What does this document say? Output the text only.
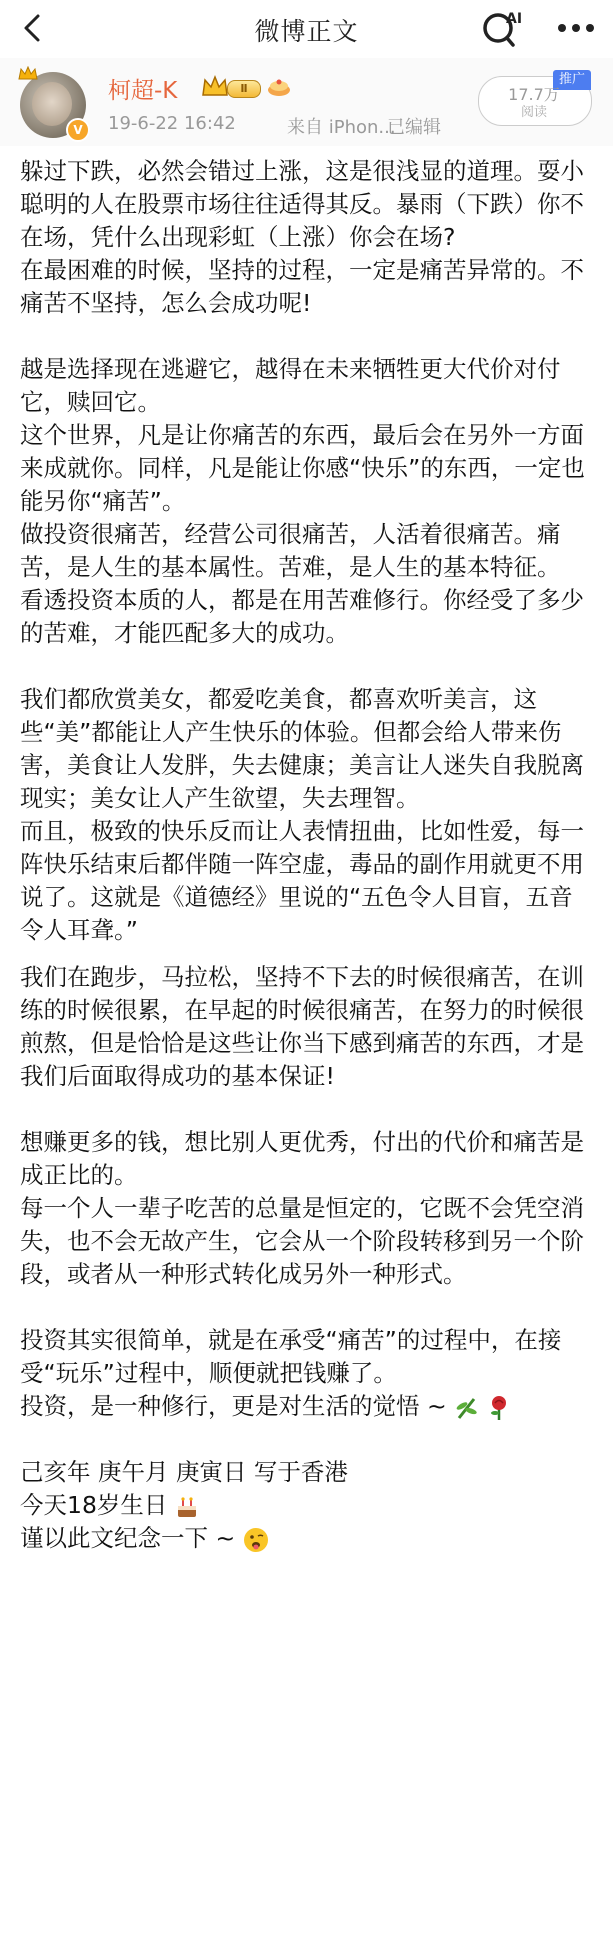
微博正文	AI
V
柯超-K	Ⅱ
19-6-22 16:42	来自 iPhon...
已编辑
推广
17.7万
阅读

躲过下跌，必然会错过上涨，这是很浅显的道理。耍小聪明的人在股票市场往往适得其反。暴雨（下跌）你不在场，凭什么出现彩虹（上涨）你会在场?

在最困难的时候，坚持的过程，一定是痛苦异常的。不痛苦不坚持，怎么会成功呢!

越是选择现在逃避它，越得在未来牺牲更大代价对付它，赎回它。

这个世界，凡是让你痛苦的东西，最后会在另外一方面来成就你。同样，凡是能让你感“快乐”的东西，一定也能另你“痛苦”。

做投资很痛苦，经营公司很痛苦，人活着很痛苦。痛苦，是人生的基本属性。苦难，是人生的基本特征。

看透投资本质的人，都是在用苦难修行。你经受了多少的苦难，才能匹配多大的成功。

我们都欣赏美女，都爱吃美食，都喜欢听美言，这些“美”都能让人产生快乐的体验。但都会给人带来伤害，美食让人发胖，失去健康；美言让人迷失自我脱离现实；美女让人产生欲望，失去理智。

而且，极致的快乐反而让人表情扭曲，比如性爱，每一阵快乐结束后都伴随一阵空虚，毒品的副作用就更不用说了。这就是《道德经》里说的“五色令人目盲，五音令人耳聋。”

我们在跑步，马拉松，坚持不下去的时候很痛苦，在训练的时候很累，在早起的时候很痛苦，在努力的时候很煎熬，但是恰恰是这些让你当下感到痛苦的东西，才是我们后面取得成功的基本保证!

想赚更多的钱，想比别人更优秀，付出的代价和痛苦是成正比的。

每一个人一辈子吃苦的总量是恒定的，它既不会凭空消失，也不会无故产生，它会从一个阶段转移到另一个阶段，或者从一种形式转化成另外一种形式。

投资其实很简单，就是在承受“痛苦”的过程中，在接受“玩乐”过程中，顺便就把钱赚了。

投资，是一种修行，更是对生活的觉悟 ~

己亥年 庚午月 庚寅日 写于香港

今天18岁生日

谨以此文纪念一下 ~
